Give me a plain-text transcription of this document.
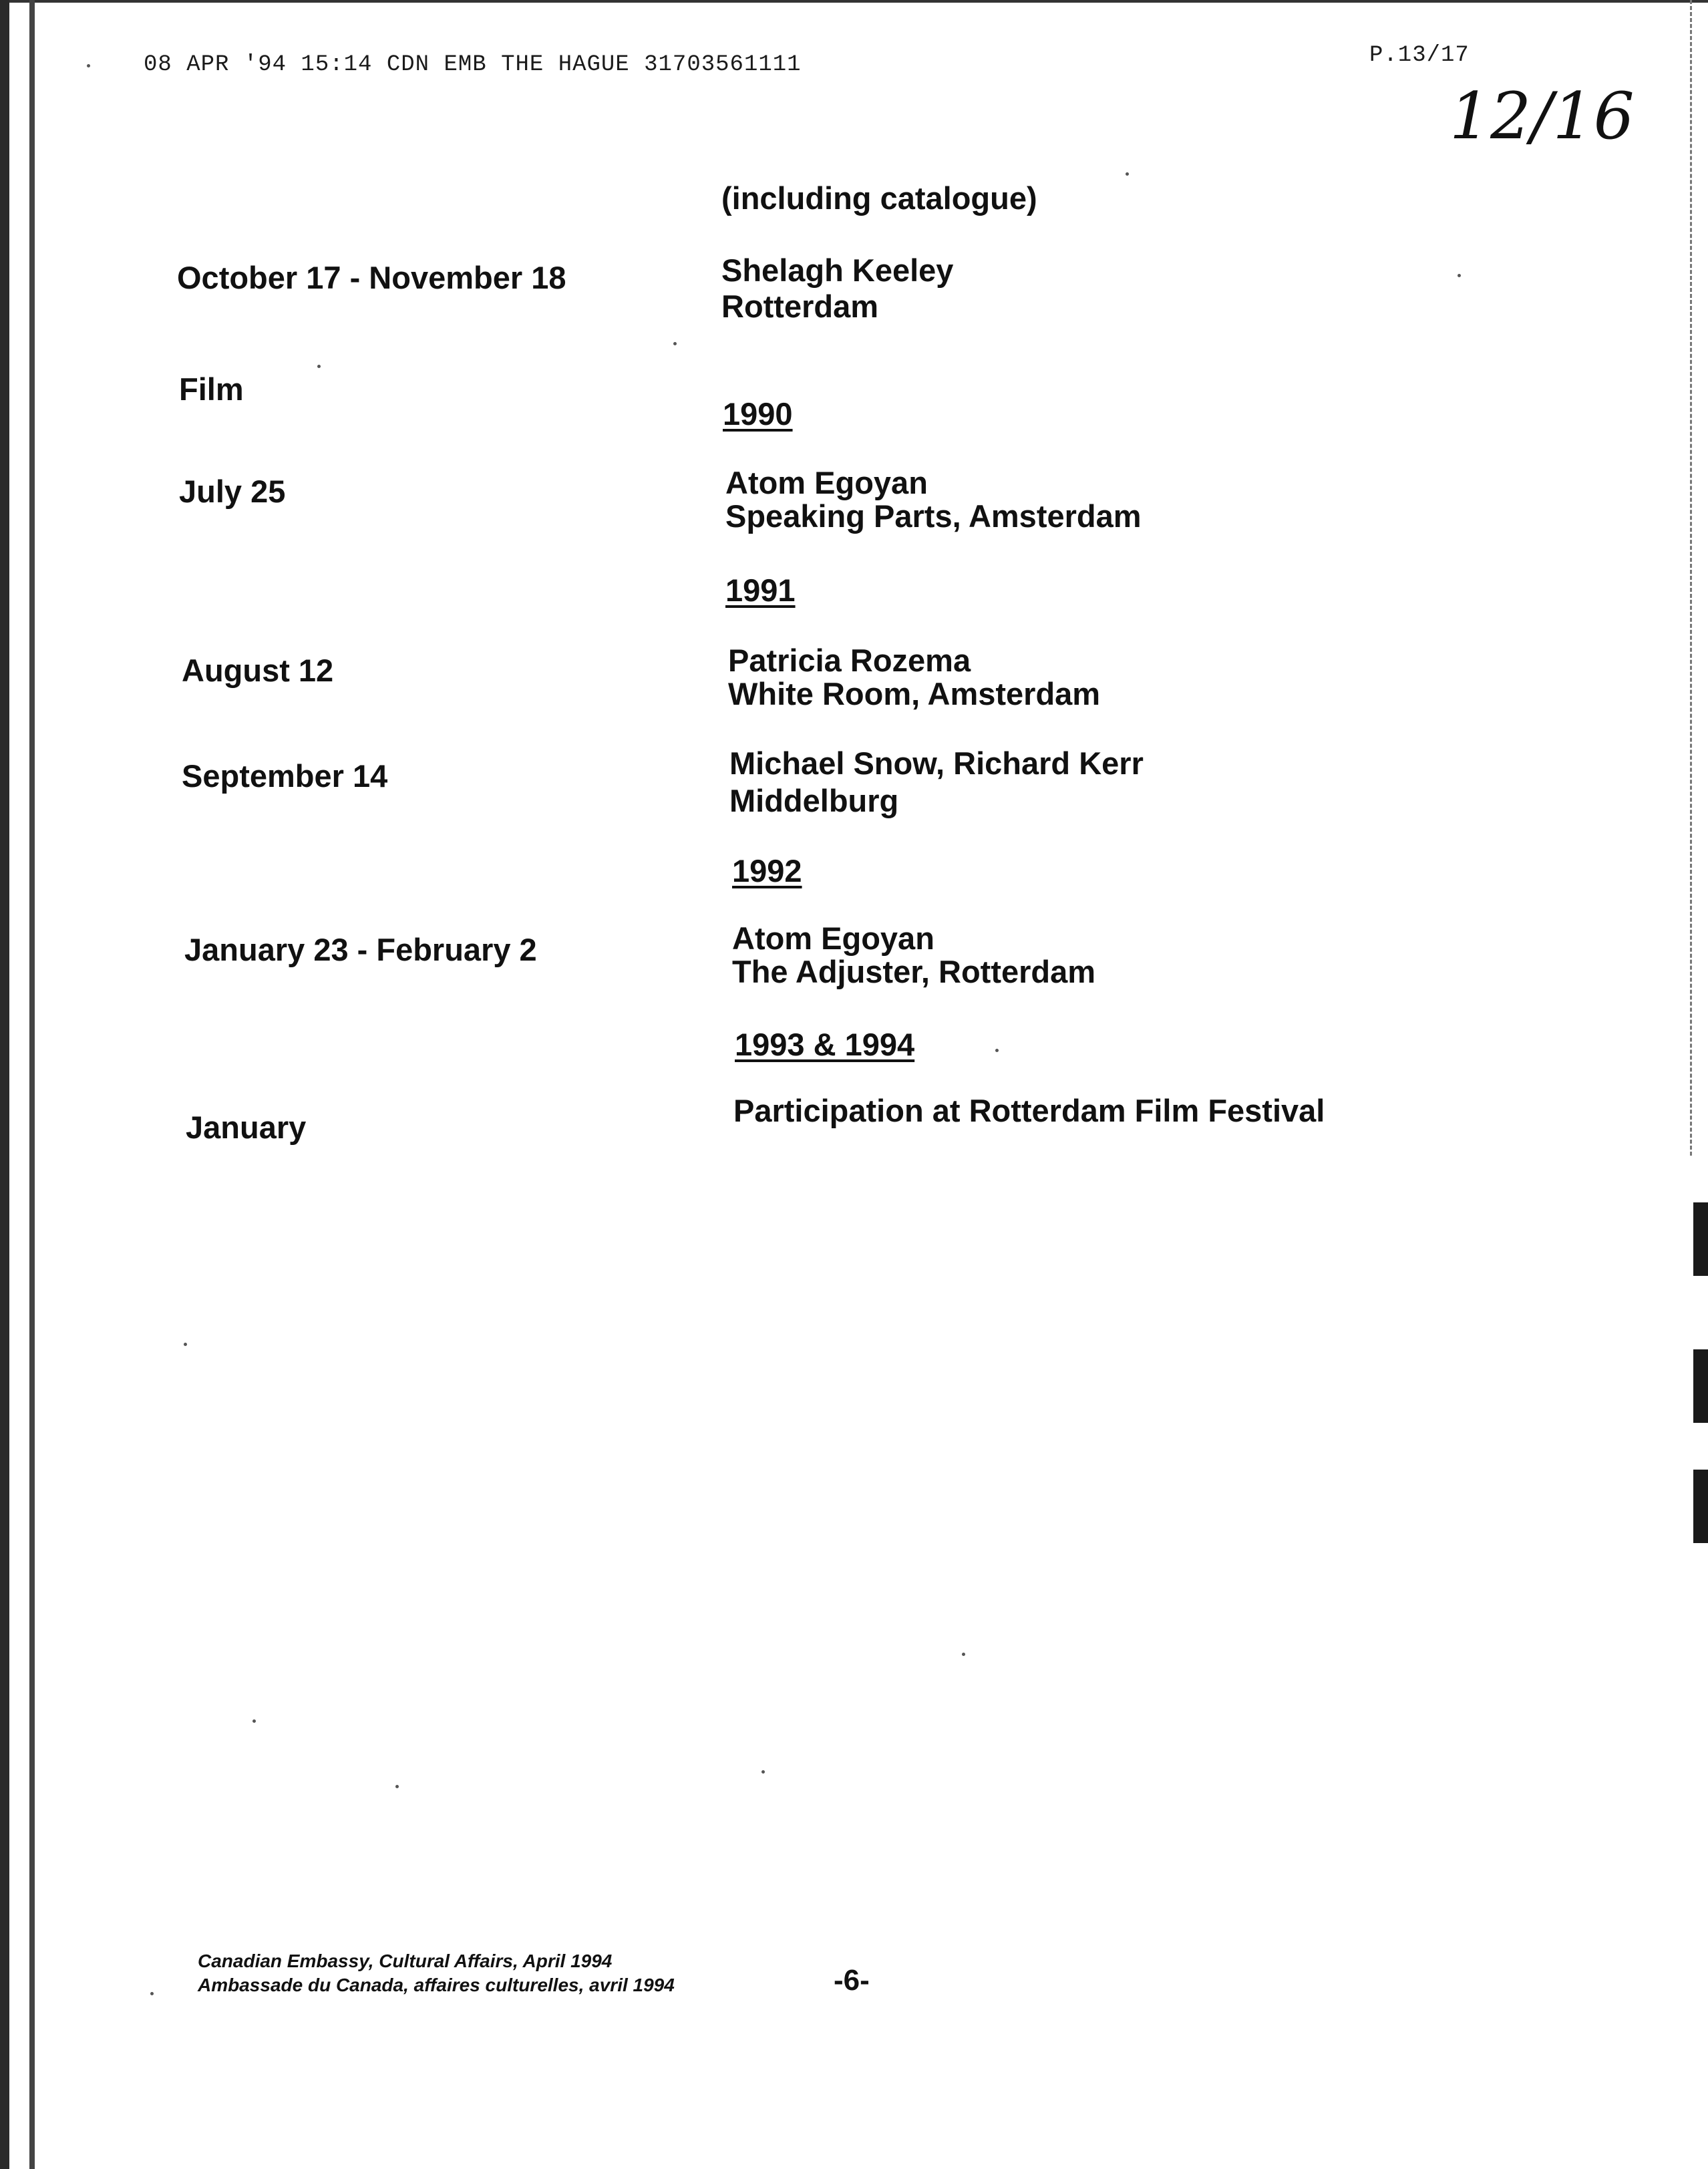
08 APR '94 15:14 CDN EMB THE HAGUE 31703561111	P.13/17
12/16
(including catalogue)
October 17 - November 18	Shelagh Keeley
Rotterdam
Film
1990
July 25	Atom Egoyan
Speaking Parts, Amsterdam
1991
August 12	Patricia Rozema
White Room, Amsterdam
September 14	Michael Snow, Richard Kerr
Middelburg
1992
January 23 - February 2	Atom Egoyan
The Adjuster, Rotterdam
1993 & 1994
January	Participation at Rotterdam Film Festival
Canadian Embassy, Cultural Affairs, April 1994
Ambassade du Canada, affaires culturelles, avril 1994	-6-
